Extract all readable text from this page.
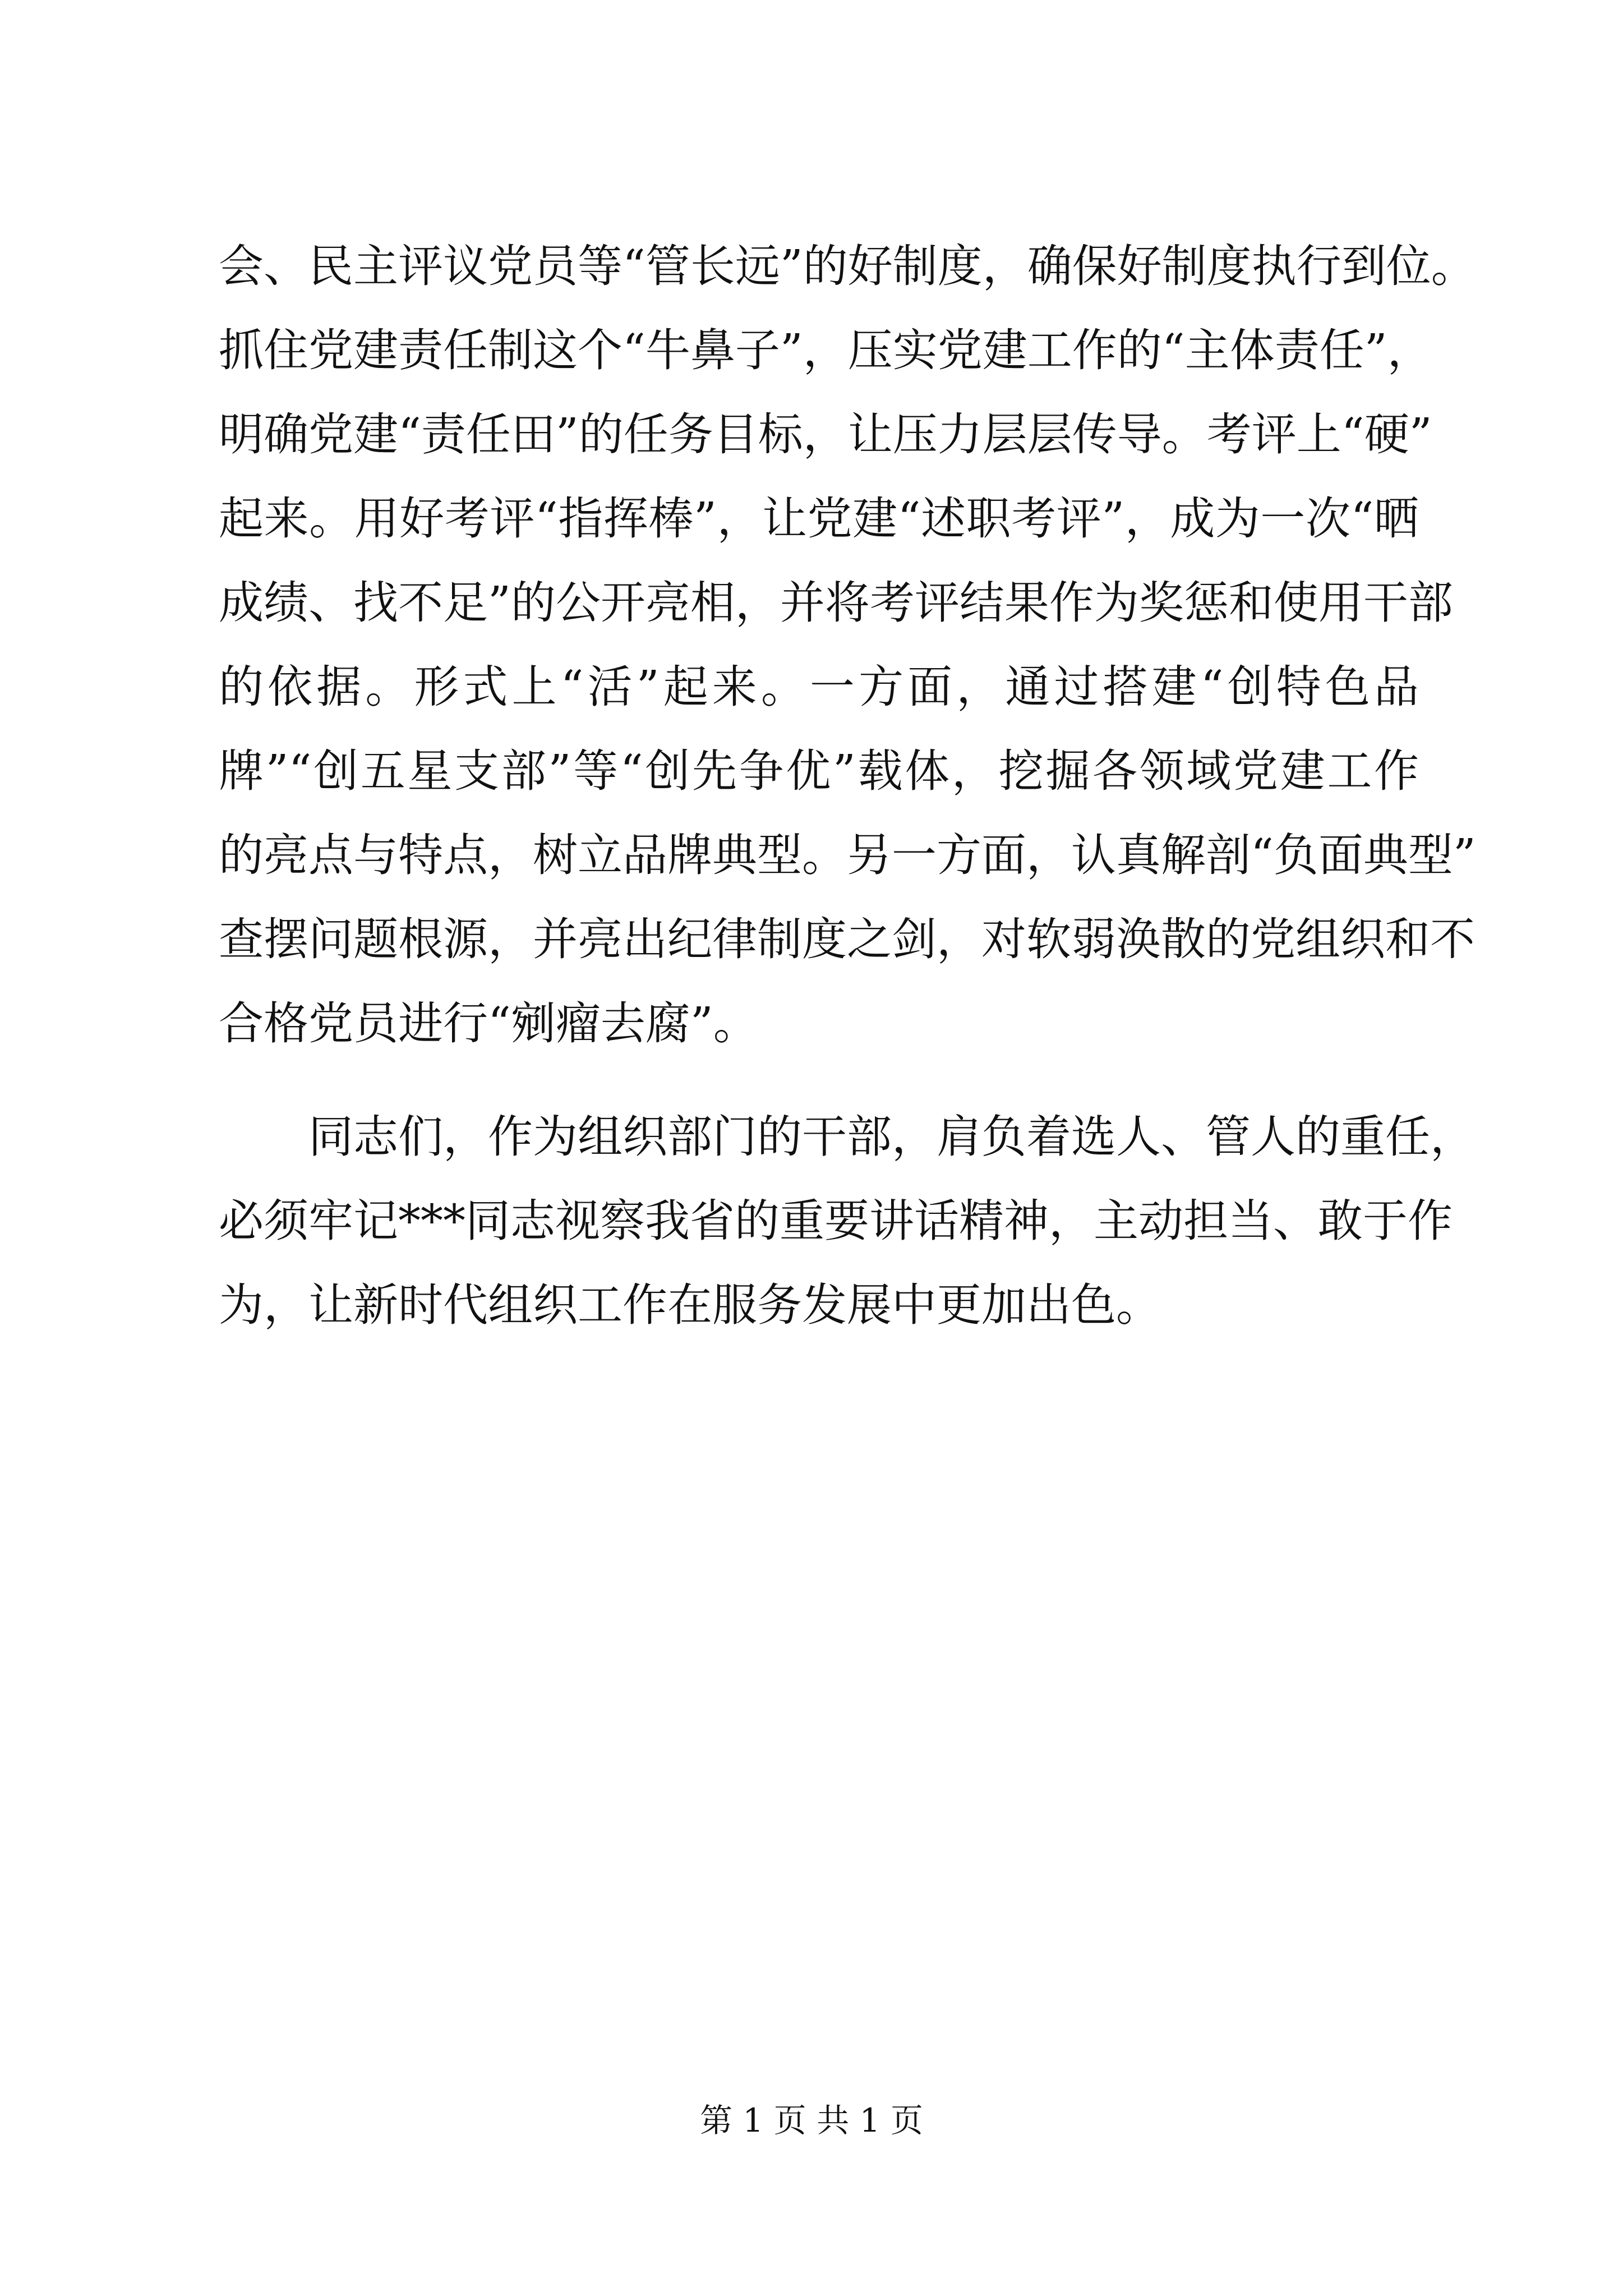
会、民主评议党员等“管长远”的好制度，确保好制度执行到位。
抓住党建责任制这个“牛鼻子”，压实党建工作的“主体责任”，
明确党建“责任田”的任务目标，让压力层层传导。考评上“硬”
起来。用好考评“指挥棒”，让党建“述职考评”，成为一次“晒
成绩、找不足”的公开亮相，并将考评结果作为奖惩和使用干部
的依据。形式上“活”起来。一方面，通过搭建“创特色品
牌”“创五星支部”等“创先争优”载体，挖掘各领域党建工作
的亮点与特点，树立品牌典型。另一方面，认真解剖“负面典型”
查摆问题根源，并亮出纪律制度之剑，对软弱涣散的党组织和不
合格党员进行“剜瘤去腐”。
同志们，作为组织部门的干部，肩负着选人、管人的重任，
必须牢记***同志视察我省的重要讲话精神，主动担当、敢于作
为，让新时代组织工作在服务发展中更加出色。
第 1 页 共 1 页
